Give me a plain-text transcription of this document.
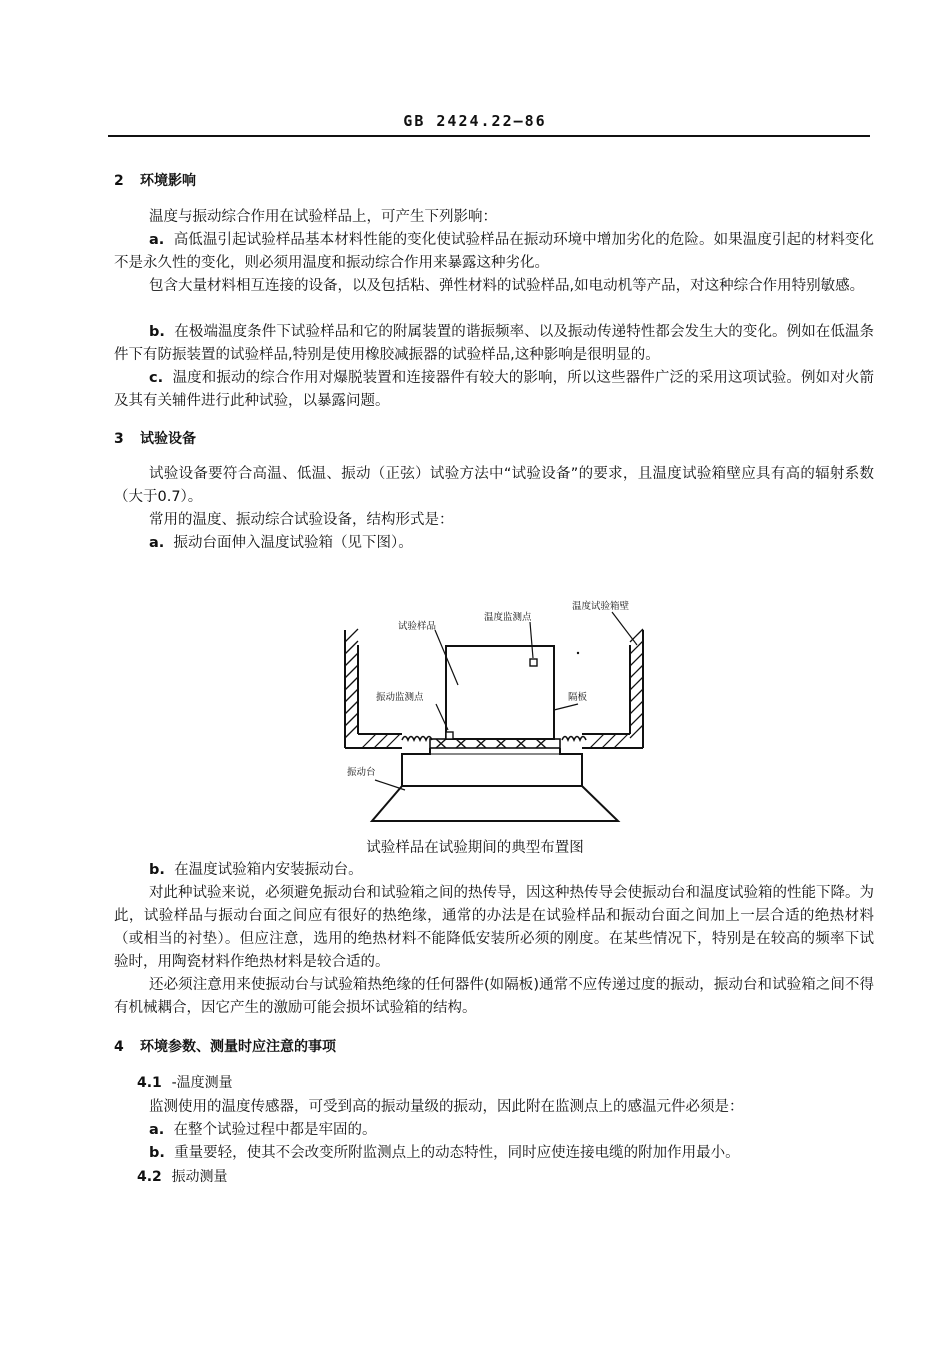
GB 2424.22—86
2 环境影响

温度与振动综合作用在试验样品上，可产生下列影响：

a. 高低温引起试验样品基本材料性能的变化使试验样品在振动环境中增加劣化的危险。如果温度引起的材料变化不是永久性的变化，则必须用温度和振动综合作用来暴露这种劣化。

包含大量材料相互连接的设备，以及包括粘、弹性材料的试验样品,如电动机等产品，对这种综合作用特别敏感。

b. 在极端温度条件下试验样品和它的附属装置的谐振频率、以及振动传递特性都会发生大的变化。例如在低温条件下有防振装置的试验样品,特别是使用橡胶减振器的试验样品,这种影响是很明显的。

c. 温度和振动的综合作用对爆脱装置和连接器件有较大的影响，所以这些器件广泛的采用这项试验。例如对火箭及其有关辅件进行此种试验，以暴露问题。

3 试验设备

试验设备要符合高温、低温、振动（正弦）试验方法中“试验设备”的要求，且温度试验箱壁应具有高的辐射系数（大于0.7）。

常用的温度、振动综合试验设备，结构形式是：

a. 振动台面伸入温度试验箱（见下图）。

试验样品
温度监测点
温度试验箱壁
振动监测点	隔板
振动台
试验样品在试验期间的典型布置图

b. 在温度试验箱内安装振动台。

对此种试验来说，必须避免振动台和试验箱之间的热传导，因这种热传导会使振动台和温度试验箱的性能下降。为此，试验样品与振动台面之间应有很好的热绝缘，通常的办法是在试验样品和振动台面之间加上一层合适的绝热材料（或相当的衬垫）。但应注意，选用的绝热材料不能降低安装所必须的刚度。在某些情况下，特别是在较高的频率下试验时，用陶瓷材料作绝热材料是较合适的。

还必须注意用来使振动台与试验箱热绝缘的任何器件(如隔板)通常不应传递过度的振动，振动台和试验箱之间不得有机械耦合，因它产生的激励可能会损坏试验箱的结构。

4 环境参数、测量时应注意的事项
4.1 -温度测量

监测使用的温度传感器，可受到高的振动量级的振动，因此附在监测点上的感温元件必须是：

a. 在整个试验过程中都是牢固的。

b. 重量要轻，使其不会改变所附监测点上的动态特性，同时应使连接电缆的附加作用最小。

4.2 振动测量
